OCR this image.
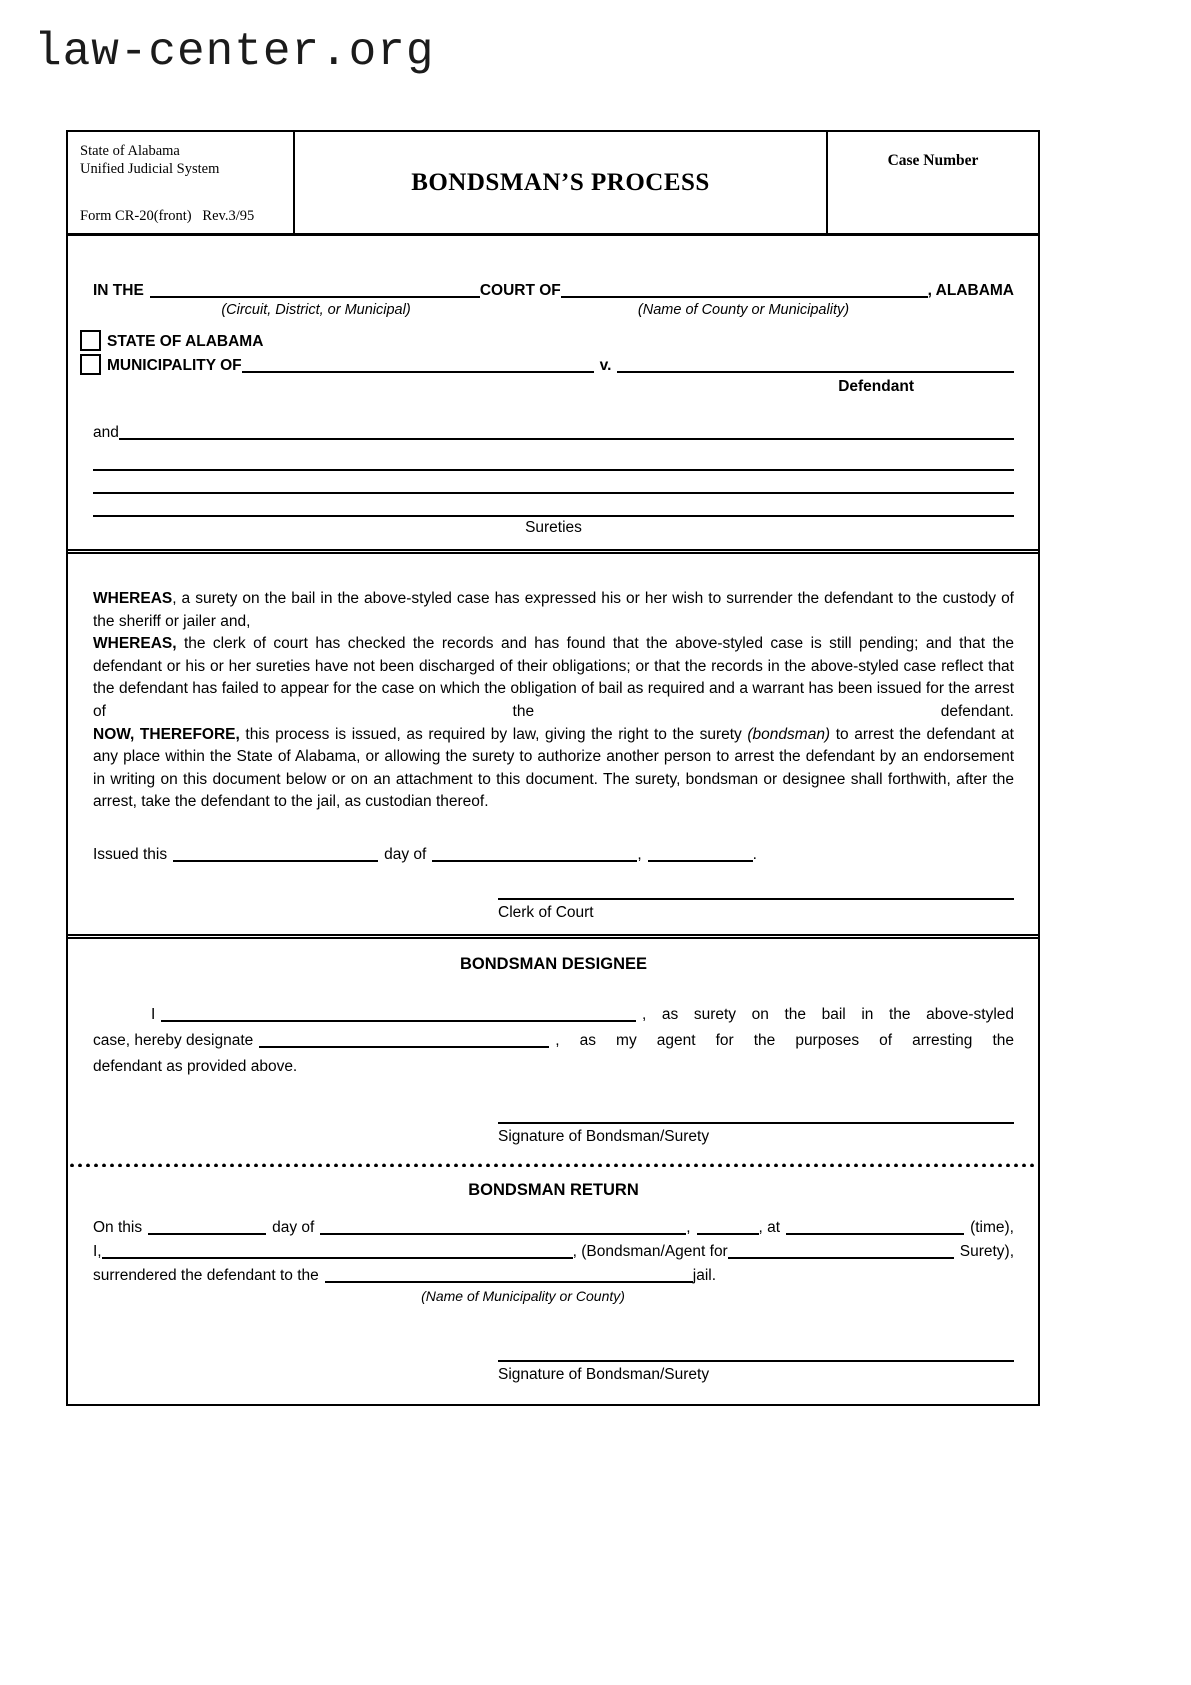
law-center.org
State of Alabama
Unified Judicial System
Form CR-20(front)   Rev.3/95
BONDSMAN’S PROCESS
Case Number
IN THE	COURT OF	, ALABAMA
(Circuit, District, or Municipal)	(Name of County or Municipality)
STATE OF ALABAMA
MUNICIPALITY OF	v.
Defendant
and
Sureties

WHEREAS, a surety on the bail in the above-styled case has expressed his or her wish to surrender the defendant to the custody of the sheriff or jailer and,

WHEREAS, the clerk of court has checked the records and has found that the above-styled case is still pending; and that the defendant or his or her sureties have not been discharged of their obligations; or that the records in the above-styled case reflect that the defendant has failed to appear for the case on which the obligation of bail as required and a warrant has been issued for the arrest of the defendant.

NOW, THEREFORE, this process is issued, as required by law, giving the right to the surety (bondsman) to arrest the defendant at any place within the State of Alabama, or allowing the surety to authorize another person to arrest the defendant by an endorsement in writing on this document below or on an attachment to this document. The surety, bondsman or designee shall forthwith, after the arrest, take the defendant to the jail, as custodian thereof.

Issued this	day of	,	.
Clerk of Court
BONDSMAN DESIGNEE
I	, as surety on the bail in the above-styled
case, hereby designate	, as my agent for the purposes of arresting the
defendant as provided above.
Signature of Bondsman/Surety
BONDSMAN RETURN
On this	day of	,	, at	(time),
I,	, (Bondsman/Agent for	Surety),
surrendered the defendant to the	jail.
(Name of Municipality or County)
Signature of Bondsman/Surety
